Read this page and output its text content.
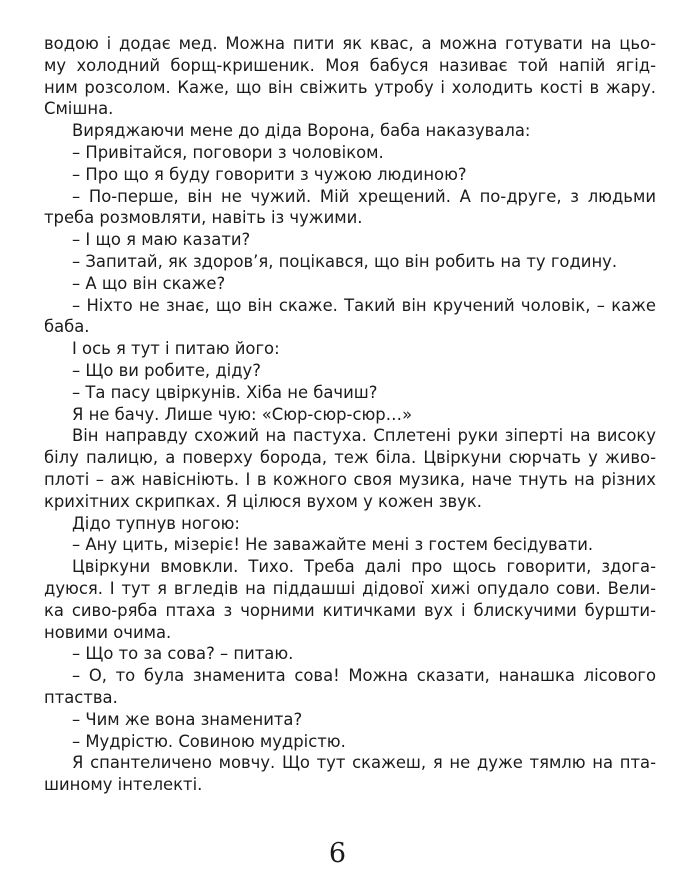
водою і додає мед. Можна пити як квас, а можна готувати на цьо-
му холодний борщ-кришеник. Моя бабуся називає той напій ягід-
ним розсолом. Каже, що він свіжить утробу і холодить кості в жару.
Смішна.
Виряджаючи мене до діда Ворона, баба наказувала:
– Привітайся, поговори з чоловіком.
– Про що я буду говорити з чужою людиною?
– По-перше, він не чужий. Мій хрещений. А по-друге, з людьми
треба розмовляти, навіть із чужими.
– І що я маю казати?
– Запитай, як здоров’я, поцікався, що він робить на ту годину.
– А що він скаже?
– Ніхто не знає, що він скаже. Такий він кручений чоловік, – каже
баба.
І ось я тут і питаю його:
– Що ви робите, діду?
– Та пасу цвіркунів. Хіба не бачиш?
Я не бачу. Лише чую: «Сюр-сюр-сюр…»
Він направду схожий на пастуха. Сплетені руки зіперті на високу
білу палицю, а поверху борода, теж біла. Цвіркуни сюрчать у живо-
плоті – аж навісніють. І в кожного своя музика, наче тнуть на різних
крихітних скрипках. Я цілюся вухом у кожен звук.
Дідо тупнув ногою:
– Ану цить, мізеріє! Не заважайте мені з гостем бесідувати.
Цвіркуни вмовкли. Тихо. Треба далі про щось говорити, здога-
дуюся. І тут я вгледів на піддашші дідової хижі опудало сови. Вели-
ка сиво-ряба птаха з чорними китичками вух і блискучими буршти-
новими очима.
– Що то за сова? – питаю.
– О, то була знаменита сова! Можна сказати, нанашка лісового
птаства.
– Чим же вона знаменита?
– Мудрістю. Совиною мудрістю.
Я спантеличено мовчу. Що тут скажеш, я не дуже тямлю на пта-
шиному інтелекті.
6
